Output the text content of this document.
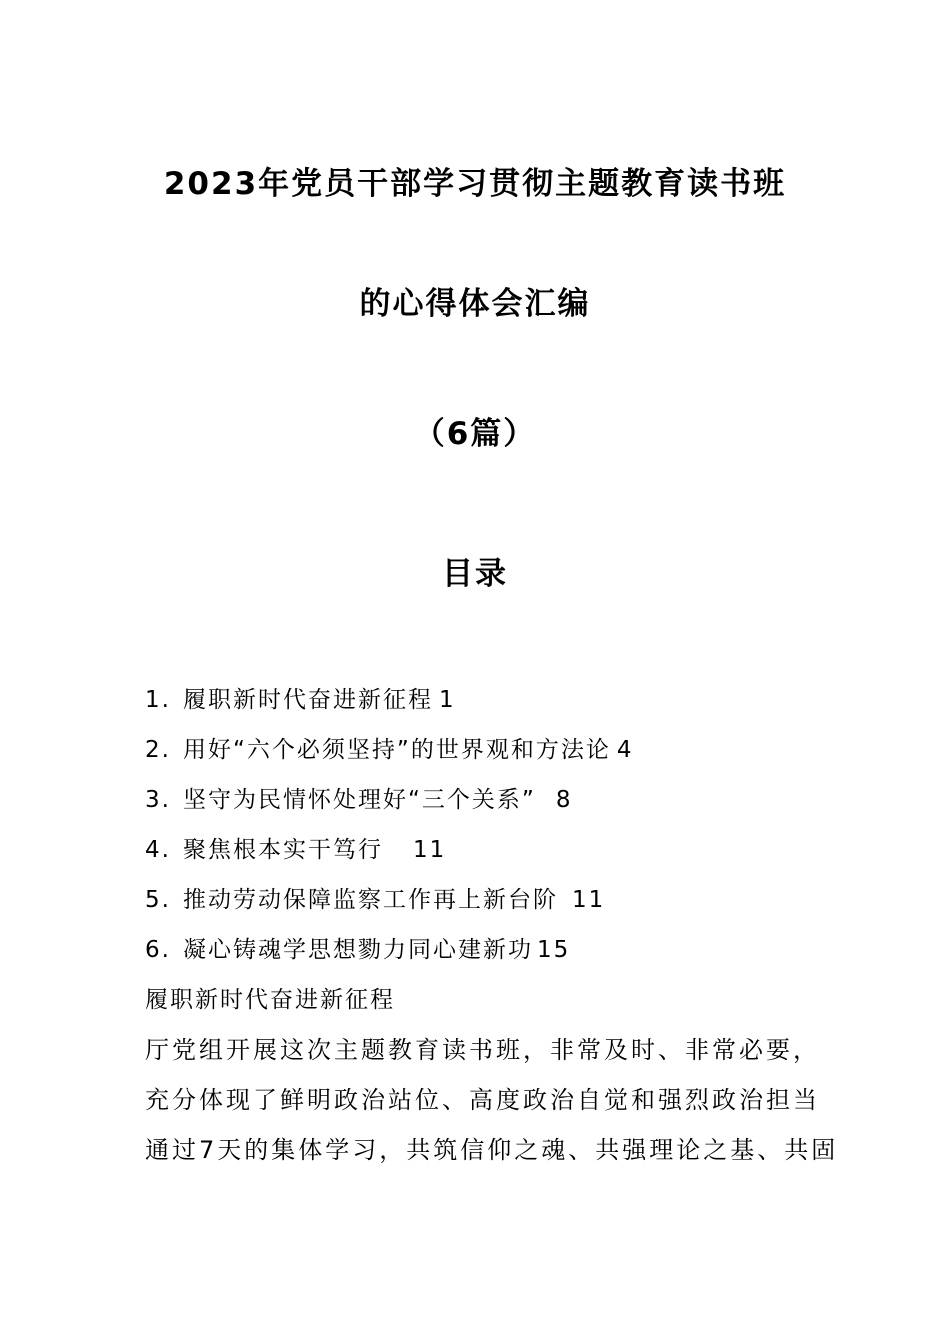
2023年党员干部学习贯彻主题教育读书班
的心得体会汇编
（6篇）
目录
1. 履职新时代奋进新征程 1
2. 用好“六个必须坚持”的世界观和方法论 4
3. 坚守为民情怀处理好“三个关系” 8
4. 聚焦根本实干笃行 11
5. 推动劳动保障监察工作再上新台阶 11
6. 凝心铸魂学思想勠力同心建新功 15
履职新时代奋进新征程
厅党组开展这次主题教育读书班，非常及时、非常必要，
充分体现了鲜明政治站位、高度政治自觉和强烈政治担当
通过7天的集体学习，共筑信仰之魂、共强理论之基、共固
